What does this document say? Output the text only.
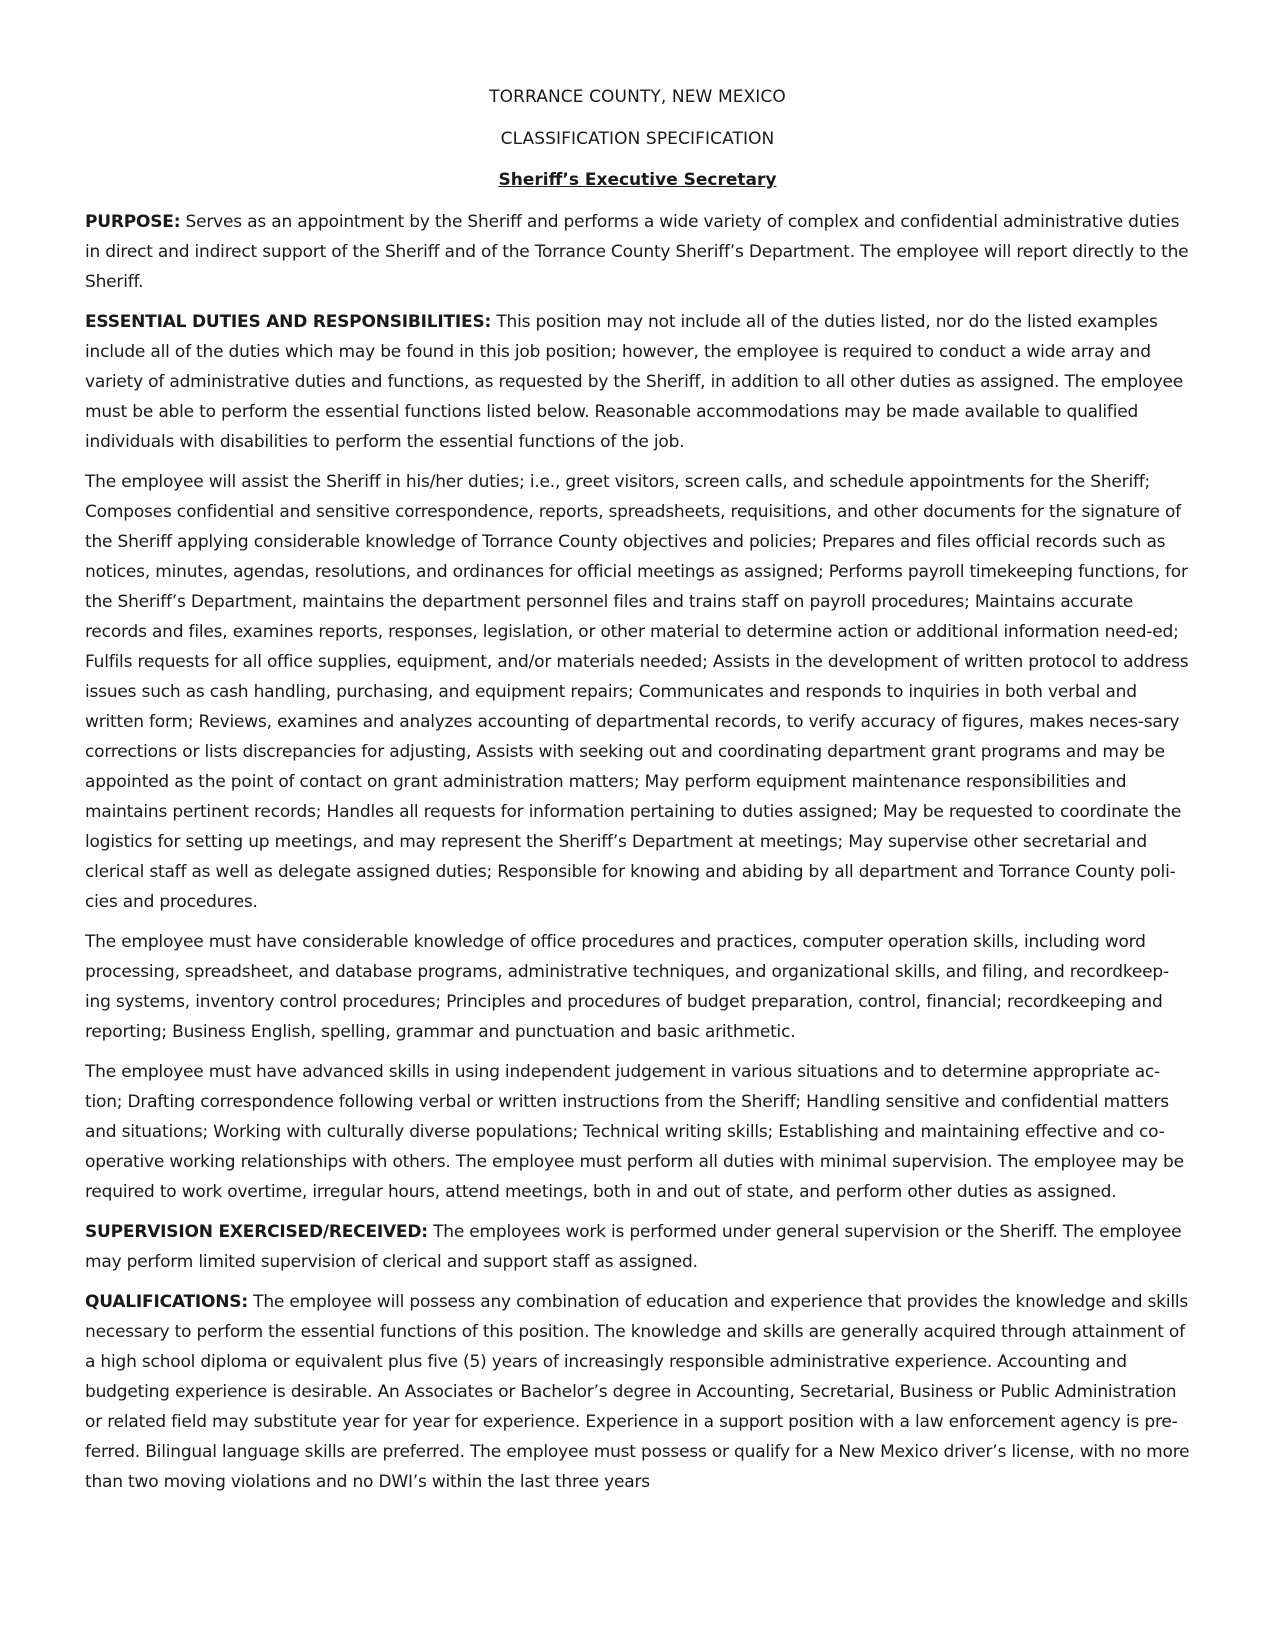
TORRANCE COUNTY, NEW MEXICO

CLASSIFICATION SPECIFICATION

Sheriff’s Executive Secretary

PURPOSE: Serves as an appointment by the Sheriff and performs a wide variety of complex and confidential administrative duties in direct and indirect support of the Sheriff and of the Torrance County Sheriff’s Department. The employee will report directly to the Sheriff.

ESSENTIAL DUTIES AND RESPONSIBILITIES: This position may not include all of the duties listed, nor do the listed examples include all of the duties which may be found in this job position; however, the employee is required to conduct a wide array and variety of administrative duties and functions, as requested by the Sheriff, in addition to all other duties as assigned. The employee must be able to perform the essential functions listed below. Reasonable accommodations may be made available to qualified individuals with disabilities to perform the essential functions of the job.

The employee will assist the Sheriff in his/her duties; i.e., greet visitors, screen calls, and schedule appointments for the Sheriff; Composes confidential and sensitive correspondence, reports, spreadsheets, requisitions, and other documents for the signature of the Sheriff applying considerable knowledge of Torrance County objectives and policies; Prepares and files official records such as notices, minutes, agendas, resolutions, and ordinances for official meetings as assigned; Performs payroll timekeeping functions, for the Sheriff’s Department, maintains the department personnel files and trains staff on payroll procedures; Maintains accurate records and files, examines reports, responses, legislation, or other material to determine action or additional information need-ed; Fulfils requests for all office supplies, equipment, and/or materials needed; Assists in the development of written protocol to address issues such as cash handling, purchasing, and equipment repairs; Communicates and responds to inquiries in both verbal and written form; Reviews, examines and analyzes accounting of departmental records, to verify accuracy of figures, makes neces-sary corrections or lists discrepancies for adjusting, Assists with seeking out and coordinating department grant programs and may be appointed as the point of contact on grant administration matters; May perform equipment maintenance responsibilities and maintains pertinent records; Handles all requests for information pertaining to duties assigned; May be requested to coordinate the logistics for setting up meetings, and may represent the Sheriff’s Department at meetings; May supervise other secretarial and clerical staff as well as delegate assigned duties; Responsible for knowing and abiding by all department and Torrance County poli-cies and procedures.

The employee must have considerable knowledge of office procedures and practices, computer operation skills, including word processing, spreadsheet, and database programs, administrative techniques, and organizational skills, and filing, and recordkeep-ing systems, inventory control procedures; Principles and procedures of budget preparation, control, financial; recordkeeping and reporting; Business English, spelling, grammar and punctuation and basic arithmetic.

The employee must have advanced skills in using independent judgement in various situations and to determine appropriate ac-tion; Drafting correspondence following verbal or written instructions from the Sheriff; Handling sensitive and confidential matters and situations; Working with culturally diverse populations; Technical writing skills; Establishing and maintaining effective and co-operative working relationships with others. The employee must perform all duties with minimal supervision. The employee may be required to work overtime, irregular hours, attend meetings, both in and out of state, and perform other duties as assigned.

SUPERVISION EXERCISED/RECEIVED: The employees work is performed under general supervision or the Sheriff. The employee may perform limited supervision of clerical and support staff as assigned.

QUALIFICATIONS: The employee will possess any combination of education and experience that provides the knowledge and skills necessary to perform the essential functions of this position. The knowledge and skills are generally acquired through attainment of a high school diploma or equivalent plus five (5) years of increasingly responsible administrative experience. Accounting and budgeting experience is desirable. An Associates or Bachelor’s degree in Accounting, Secretarial, Business or Public Administration or related field may substitute year for year for experience. Experience in a support position with a law enforcement agency is pre-ferred. Bilingual language skills are preferred. The employee must possess or qualify for a New Mexico driver’s license, with no more than two moving violations and no DWI’s within the last three years
